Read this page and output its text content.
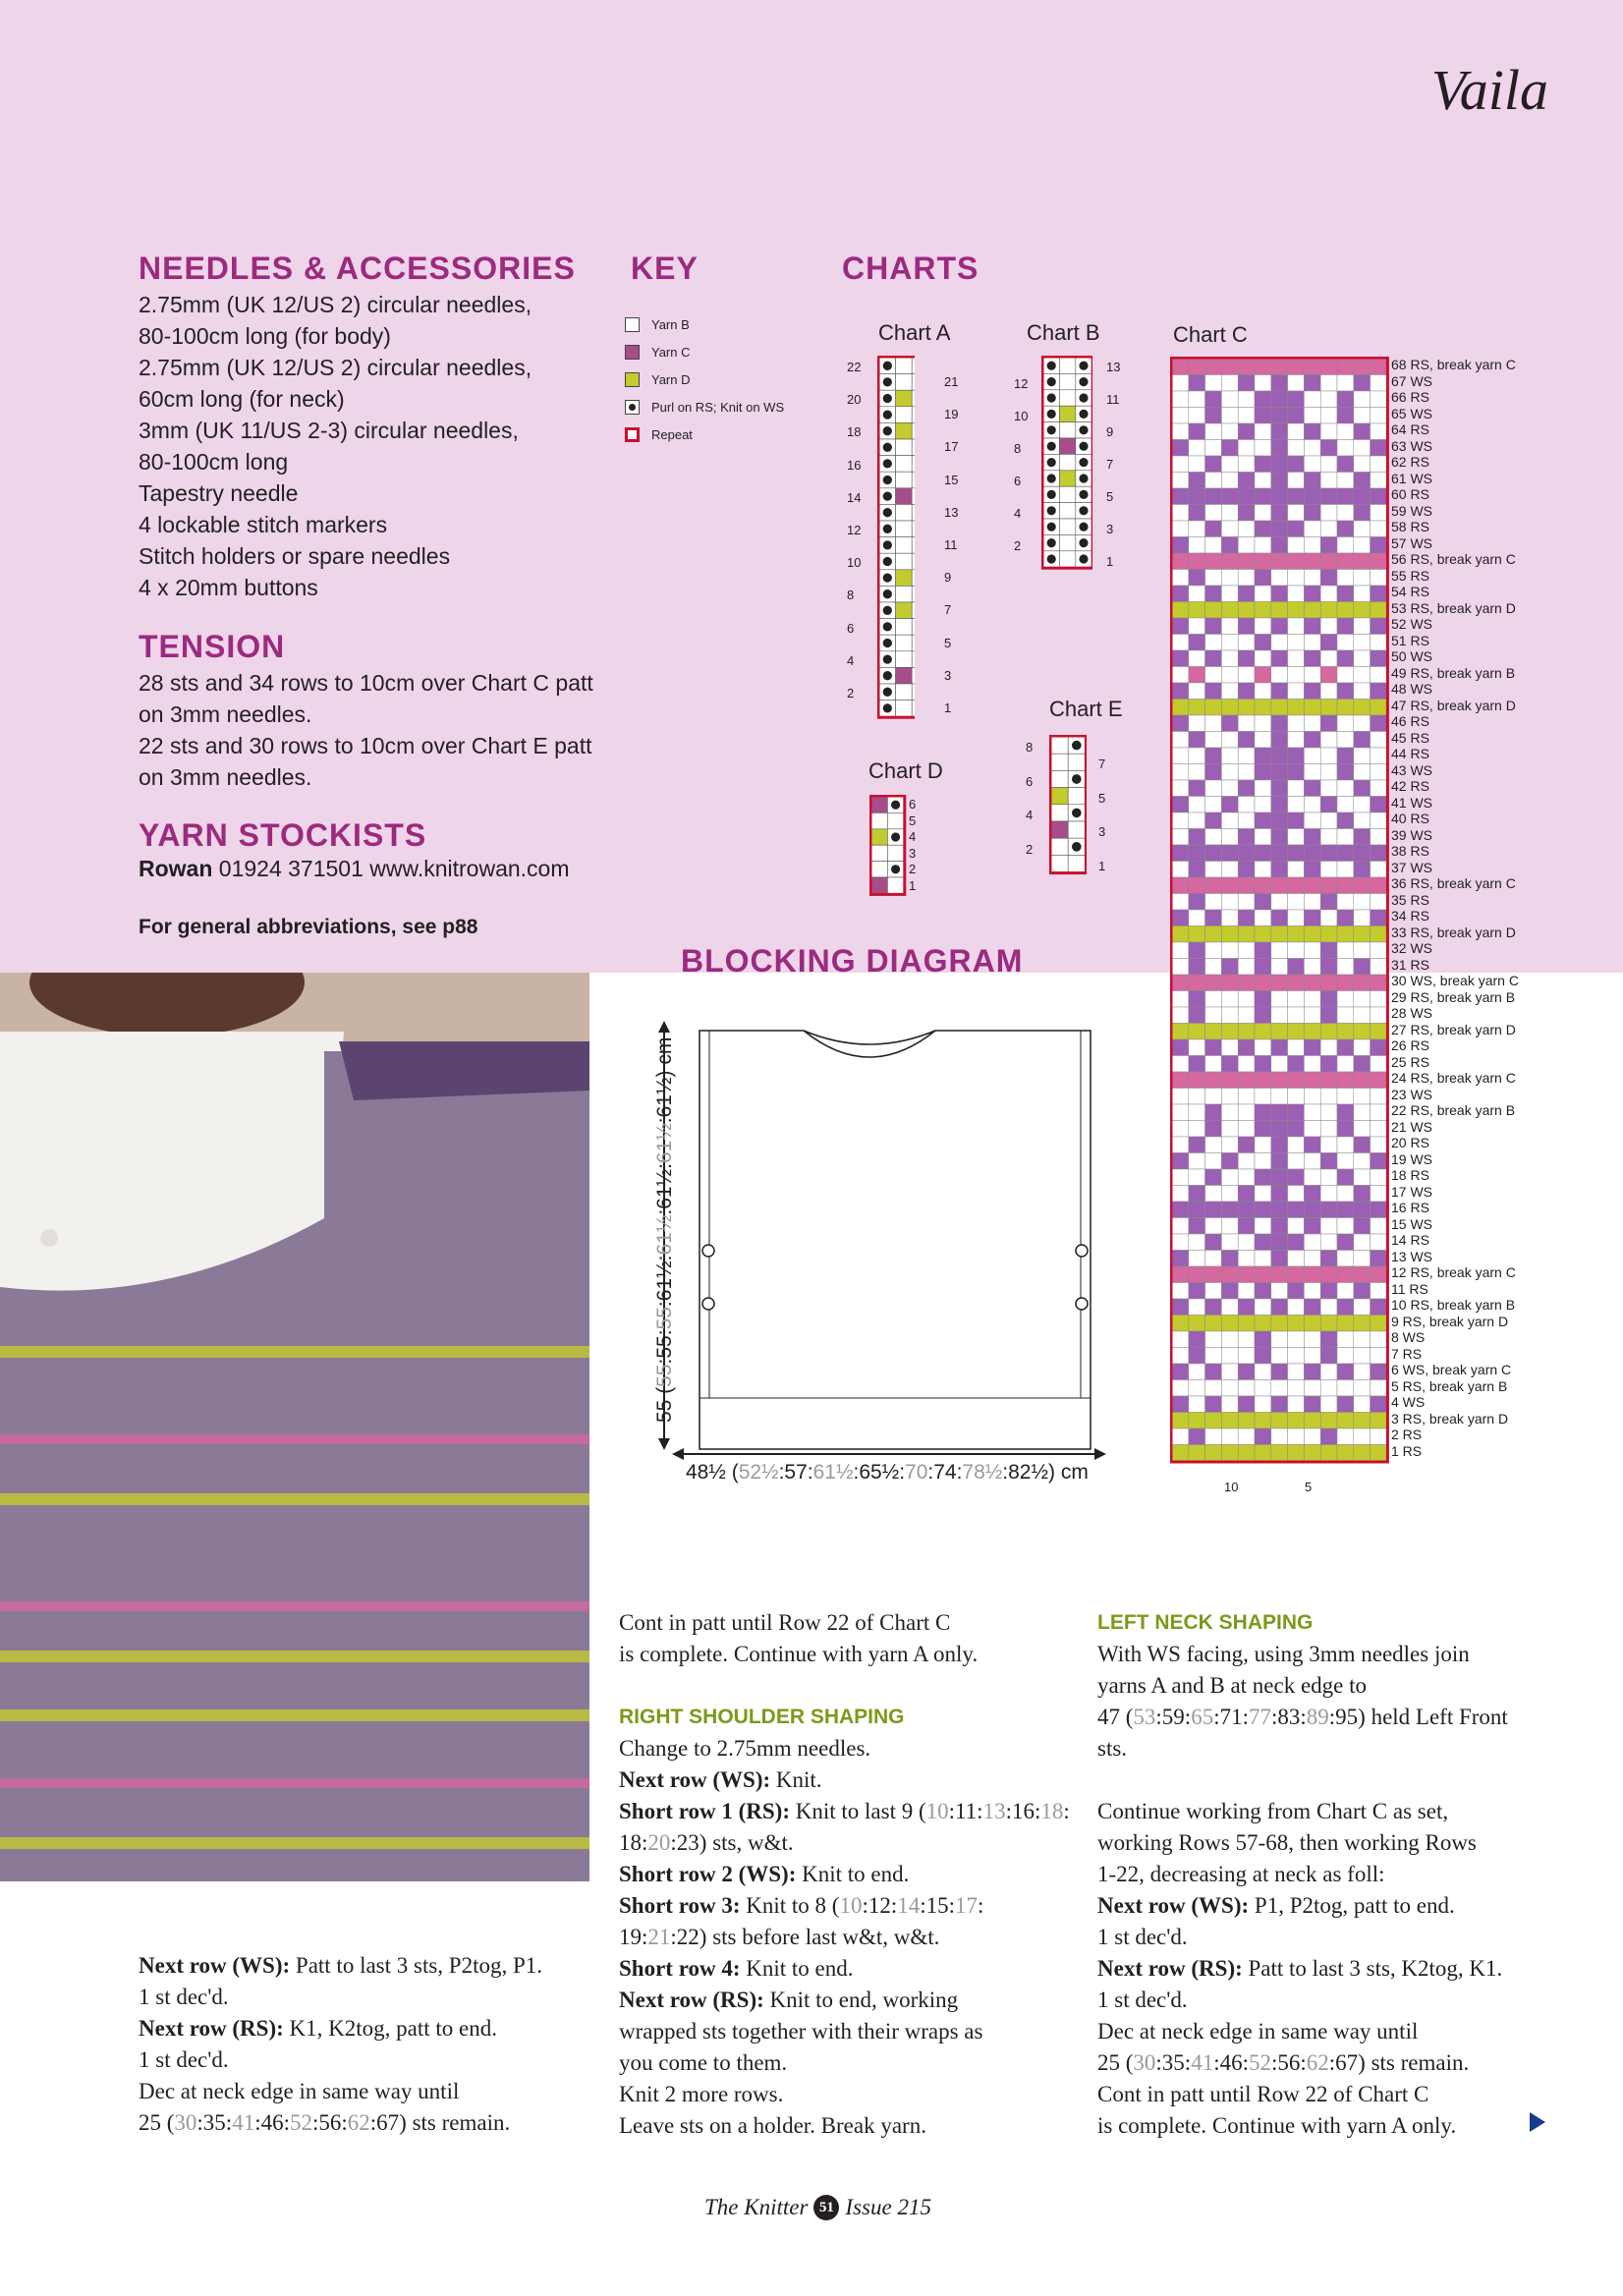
Vaila
NEEDLES & ACCESSORIES
2.75mm (UK 12/US 2) circular needles,
80-100cm long (for body)
2.75mm (UK 12/US 2) circular needles,
60cm long (for neck)
3mm (UK 11/US 2-3) circular needles,
80-100cm long
Tapestry needle
4 lockable stitch markers
Stitch holders or spare needles
4 x 20mm buttons
TENSION
28 sts and 34 rows to 10cm over Chart C patt
on 3mm needles.
22 sts and 30 rows to 10cm over Chart E patt
on 3mm needles.
YARN STOCKISTS
Rowan 01924 371501 www.knitrowan.com
For general abbreviations, see p88
KEY
Yarn B
Yarn C
Yarn D
Purl on RS; Knit on WS
Repeat
CHARTS
Chart A	Chart B	Chart C
Chart D
Chart E
68 RS, break yarn C
67 WS
66 RS
65 WS
64 RS
63 WS
62 RS
61 WS
60 RS
59 WS
58 RS
57 WS
56 RS, break yarn C
55 RS
54 RS
53 RS, break yarn D
52 WS
51 RS
50 WS
49 RS, break yarn B
48 WS
47 RS, break yarn D
46 RS
45 RS
44 RS
43 WS
42 RS
41 WS
40 RS
39 WS
38 RS
37 WS
36 RS, break yarn C
35 RS
34 RS
33 RS, break yarn D
32 WS
31 RS
30 WS, break yarn C
29 RS, break yarn B
28 WS
27 RS, break yarn D
26 RS
25 RS
24 RS, break yarn C
23 WS
22 RS, break yarn B
21 WS
20 RS
19 WS
18 RS
17 WS
16 RS
15 WS
14 RS
13 WS
12 RS, break yarn C
11 RS
10 RS, break yarn B
9 RS, break yarn D
8 WS
7 RS
6 WS, break yarn C
5 RS, break yarn B
4 WS
3 RS, break yarn D
2 RS
1 RS
10	5
22
20
18
16
14
12
10
8
6
4
2
21
19
17
15
13
11
9
7
5
3
1
12
10
8
6
4
2
13
11
9
7
5
3
1
6
5
4
3
2
1
8
6
4
2
7
5
3
1
BLOCKING DIAGRAM
55 (55:55:55:61½:61½:61½:61½:61½) cm
48½ (52½:57:61½:65½:70:74:78½:82½) cm
Next row (WS): Patt to last 3 sts, P2tog, P1.
1 st dec'd.
Next row (RS): K1, K2tog, patt to end.
1 st dec'd.
Dec at neck edge in same way until
25 (30:35:41:46:52:56:62:67) sts remain.
Cont in patt until Row 22 of Chart C
is complete. Continue with yarn A only.
RIGHT SHOULDER SHAPING
Change to 2.75mm needles.
Next row (WS): Knit.
Short row 1 (RS): Knit to last 9 (10:11:13:16:18:
18:20:23) sts, w&t.
Short row 2 (WS): Knit to end.
Short row 3: Knit to 8 (10:12:14:15:17:
19:21:22) sts before last w&t, w&t.
Short row 4: Knit to end.
Next row (RS): Knit to end, working
wrapped sts together with their wraps as
you come to them.
Knit 2 more rows.
Leave sts on a holder. Break yarn.
LEFT NECK SHAPING
With WS facing, using 3mm needles join
yarns A and B at neck edge to
47 (53:59:65:71:77:83:89:95) held Left Front
sts.
Continue working from Chart C as set,
working Rows 57-68, then working Rows
1-22, decreasing at neck as foll:
Next row (WS): P1, P2tog, patt to end.
1 st dec'd.
Next row (RS): Patt to last 3 sts, K2tog, K1.
1 st dec'd.
Dec at neck edge in same way until
25 (30:35:41:46:52:56:62:67) sts remain.
Cont in patt until Row 22 of Chart C
is complete. Continue with yarn A only.
The Knitter 51 Issue 215
